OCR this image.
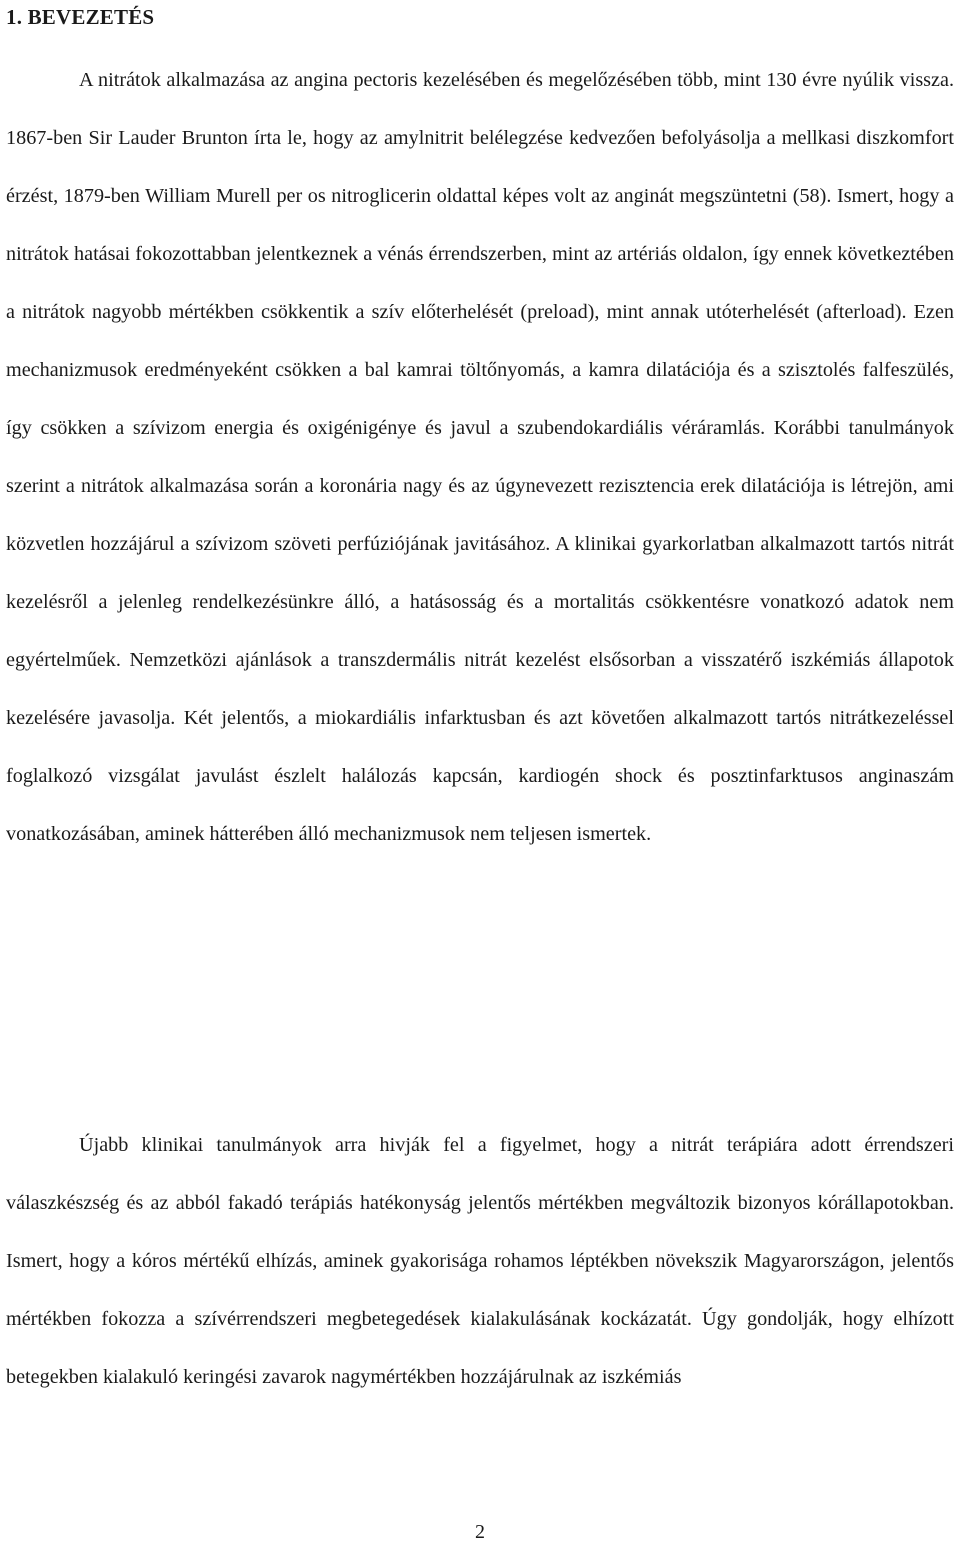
1. BEVEZETÉS

A nitrátok alkalmazása az angina pectoris kezelésében és megelőzésében több, mint 130 évre nyúlik vissza. 1867-ben Sir Lauder Brunton írta le, hogy az amylnitrit belélegzése kedvezően befolyásolja a mellkasi diszkomfort érzést, 1879-ben William Murell per os nitroglicerin oldattal képes volt az anginát megszüntetni (58). Ismert, hogy a nitrátok hatásai fokozottabban jelentkeznek a vénás érrendszerben, mint az artériás oldalon, így ennek következtében a nitrátok nagyobb mértékben csökkentik a szív előterhelését (preload), mint annak utóterhelését (afterload). Ezen mechanizmusok eredményeként csökken a bal kamrai töltőnyomás, a kamra dilatációja és a szisztolés falfeszülés, így csökken a szívizom energia és oxigénigénye és javul a szubendokardiális véráramlás. Korábbi tanulmányok szerint a nitrátok alkalmazása során a koronária nagy és az úgynevezett rezisztencia erek dilatációja is létrejön, ami közvetlen hozzájárul a szívizom szöveti perfúziójának javitásához. A klinikai gyarkorlatban alkalmazott tartós nitrát kezelésről a jelenleg rendelkezésünkre álló, a hatásosság és a mortalitás csökkentésre vonatkozó adatok nem egyértelműek. Nemzetközi ajánlások a transzdermális nitrát kezelést elsősorban a visszatérő iszkémiás állapotok kezelésére javasolja. Két jelentős, a miokardiális infarktusban és azt követően alkalmazott tartós nitrátkezeléssel foglalkozó vizsgálat javulást észlelt halálozás kapcsán, kardiogén shock és posztinfarktusos anginaszám vonatkozásában, aminek hátterében álló mechanizmusok nem teljesen ismertek.

Újabb klinikai tanulmányok arra hivják fel a figyelmet, hogy a nitrát terápiára adott érrendszeri válaszkészség és az abból fakadó terápiás hatékonyság jelentős mértékben megváltozik bizonyos kórállapotokban. Ismert, hogy a kóros mértékű elhízás, aminek gyakorisága rohamos léptékben növekszik Magyarországon, jelentős mértékben fokozza a szívérrendszeri megbetegedések kialakulásának kockázatát. Úgy gondolják, hogy elhízott betegekben kialakuló keringési zavarok nagymértékben hozzájárulnak az iszkémiás

2
